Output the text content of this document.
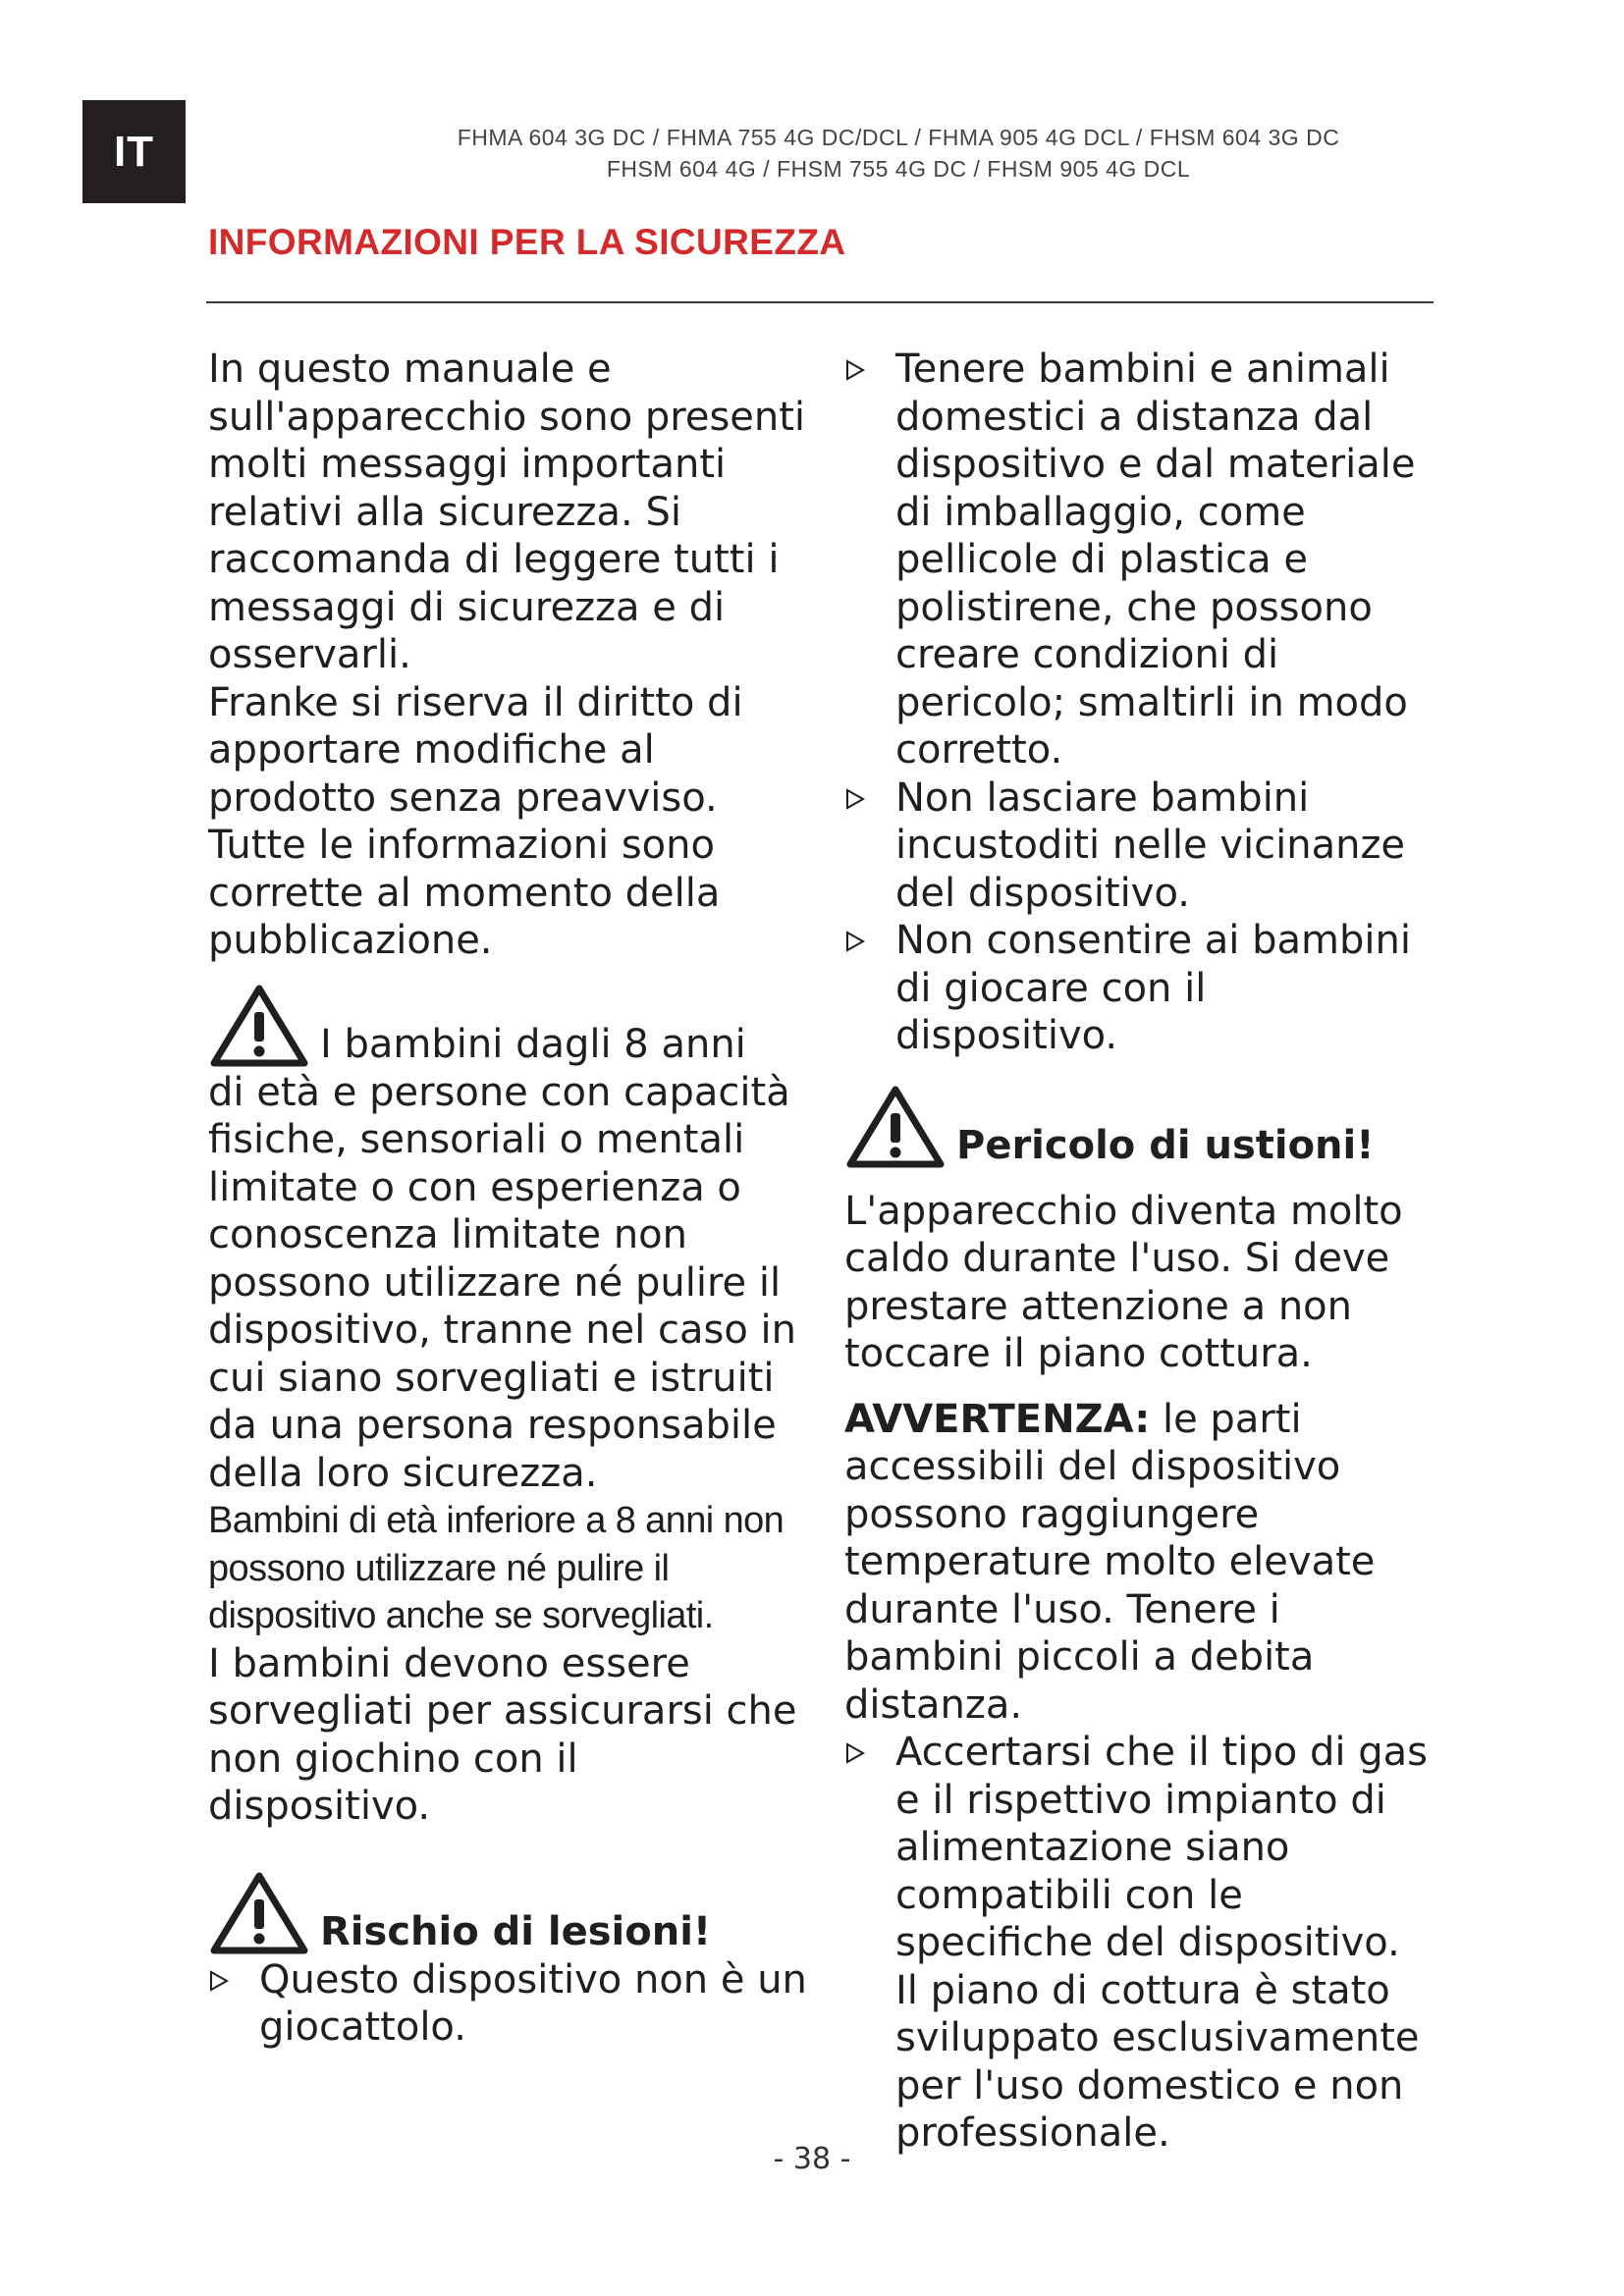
IT	FHMA 604 3G DC / FHMA 755 4G DC/DCL / FHMA 905 4G DCL / FHSM 604 3G DC
FHSM 604 4G / FHSM 755 4G DC / FHSM 905 4G DCL
INFORMAZIONI PER LA SICUREZZA

In questo manuale e sull'apparecchio sono presenti molti messaggi importanti relativi alla sicurezza. Si raccomanda di leggere tutti i messaggi di sicurezza e di osservarli.

Franke si riserva il diritto di apportare modifiche al prodotto senza preavviso. Tutte le informazioni sono corrette al momento della pubblicazione.

I bambini dagli 8 anni

di età e persone con capacità fisiche, sensoriali o mentali limitate o con esperienza o conoscenza limitate non possono utilizzare né pulire il dispositivo, tranne nel caso in cui siano sorvegliati e istruiti da una persona responsabile della loro sicurezza.

Bambini di età inferiore a 8 anni non possono utilizzare né pulire il dispositivo anche se sorvegliati.

I bambini devono essere sorvegliati per assicurarsi che non giochino con il dispositivo.

Rischio di lesioni!
Questo dispositivo non è un giocattolo.
Tenere bambini e animali domestici a distanza dal dispositivo e dal materiale di imballaggio, come pellicole di plastica e polistirene, che possono creare condizioni di pericolo; smaltirli in modo corretto.
Non lasciare bambini incustoditi nelle vicinanze del dispositivo.
Non consentire ai bambini di giocare con il dispositivo.
Pericolo di ustioni!

L'apparecchio diventa molto caldo durante l'uso. Si deve prestare attenzione a non toccare il piano cottura.

AVVERTENZA: le parti accessibili del dispositivo possono raggiungere temperature molto elevate durante l'uso. Tenere i bambini piccoli a debita distanza.

Accertarsi che il tipo di gas e il rispettivo impianto di alimentazione siano compatibili con le specifiche del dispositivo. Il piano di cottura è stato sviluppato esclusivamente per l'uso domestico e non professionale.
- 38 -
